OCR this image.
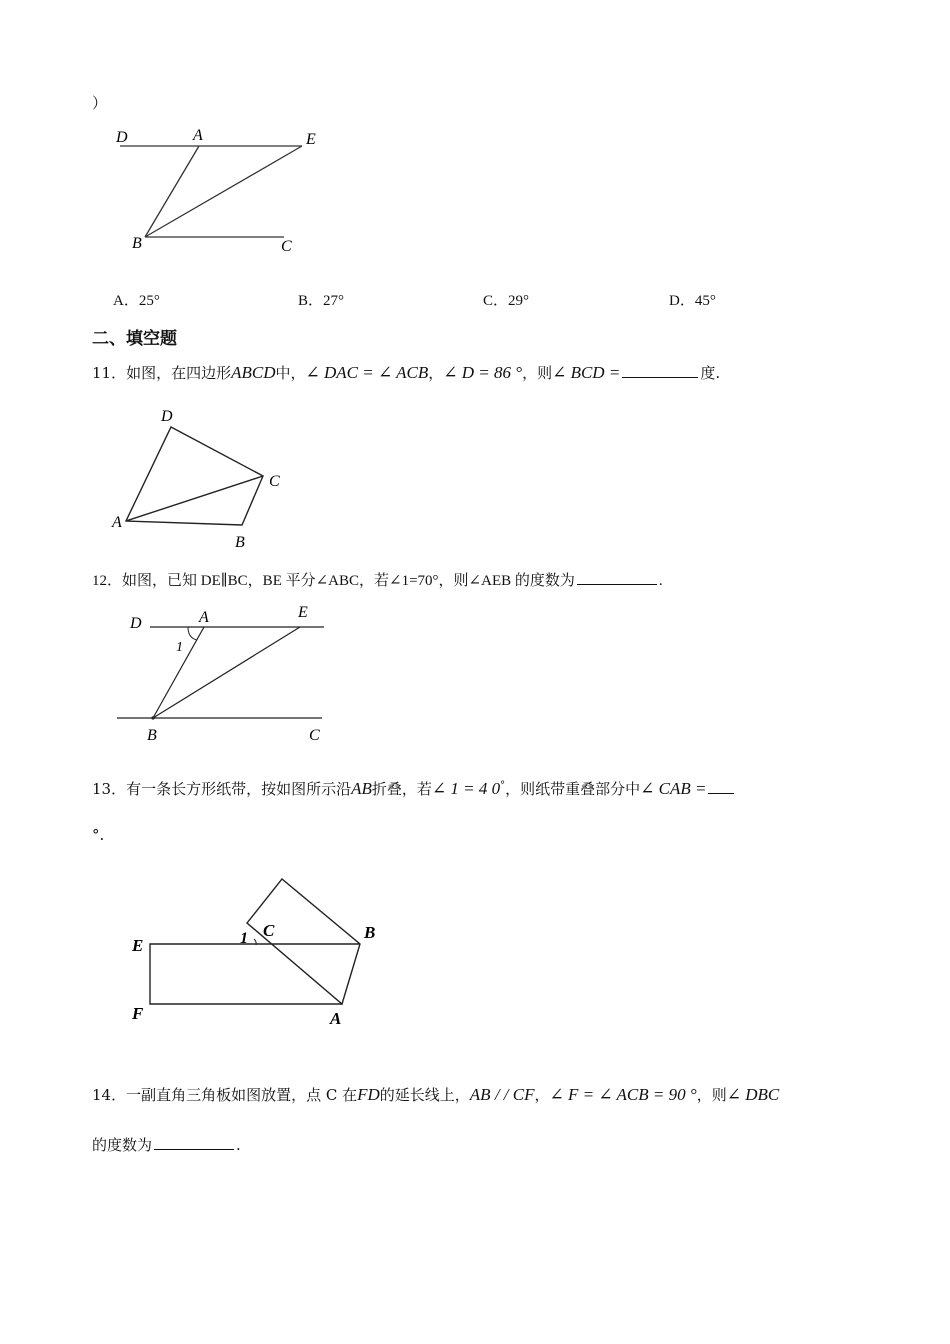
）
D	A	E
B	C
A．25°	B．27°	C．29°	D．45°
二、填空题
11．如图，在四边形ABCD中，∠ DAC = ∠ ACB，∠ D = 86 °，则∠ BCD =	度.
D
C
A
B
12．如图，已知 DE∥BC，BE 平分∠ABC，若∠1=70°，则∠AEB 的度数为	.
D	A	E
1
B	C
13．有一条长方形纸带，按如图所示沿AB折叠，若∠ 1 = 4 0°，则纸带重叠部分中∠ CAB =
°.
E
F
1 C	B
A
14．一副直角三角板如图放置，点 C 在FD的延长线上，AB / / CF，∠ F = ∠ ACB = 90 °，则∠ DBC
的度数为	.
